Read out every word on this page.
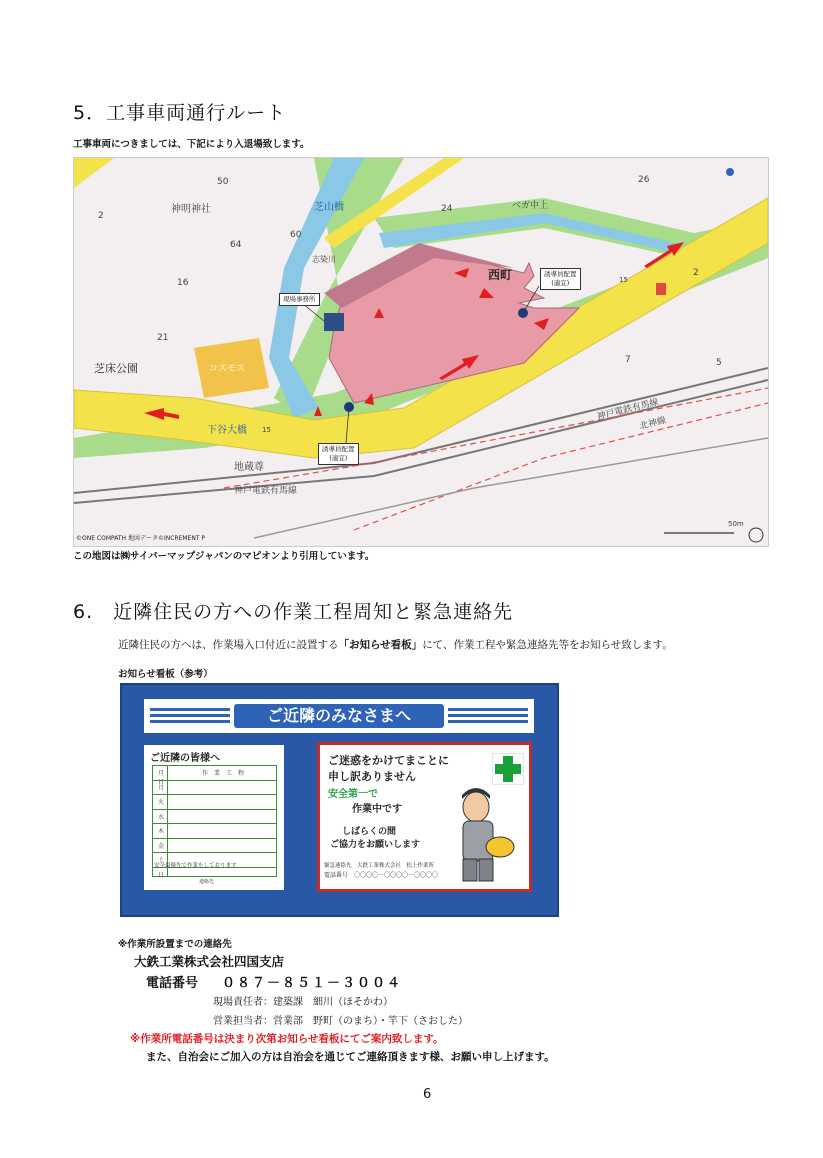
5．工事車両通行ルート
工事車両につきましては、下記により入退場致します。
神明神社	芝山橋
志染川
西町
ベガ中上
芝床公園	コスモス
下谷大橋
地蔵尊
神戸電鉄有馬線
神戸電鉄有馬線
北神線
15
15
50
64
60
16
21
2
24
26
2
7	5
50m
©ONE COMPATH 地図データ©INCREMENT P
現場事務所
誘導員配置
(適宜)
誘導員配置
(適宜)
この地図は㈱サイバーマップジャパンのマピオンより引用しています。
6.　近隣住民の方への作業工程周知と緊急連絡先
近隣住民の方へは、作業場入口付近に設置する「お知らせ看板」にて、作業工程や緊急連絡先等をお知らせ致します。
お知らせ看板（参考）
ご近隣のみなさまへ
ご近隣の皆様へ
月日
作　業　工　程
月
火
水
木
金
土
日
安全最優先で作業をしております
連絡先
ご迷惑をかけてまことに
申し訳ありません
安全第一で
作業中です
しばらくの間
ご協力をお願いします
緊急連絡先　大鉄工業株式会社　松上作業所
電話番号　〇〇〇〇－〇〇〇〇－〇〇〇〇
※作業所設置までの連絡先
大鉄工業株式会社四国支店
電話番号 ０８７－８５１－３００４
現場責任者：建築課　細川（ほそかわ）
営業担当者：営業部　野町（のまち）・竿下（さおした）
※作業所電話番号は決まり次第お知らせ看板にてご案内致します。
また、自治会にご加入の方は自治会を通じてご連絡頂きます様、お願い申し上げます。
6
